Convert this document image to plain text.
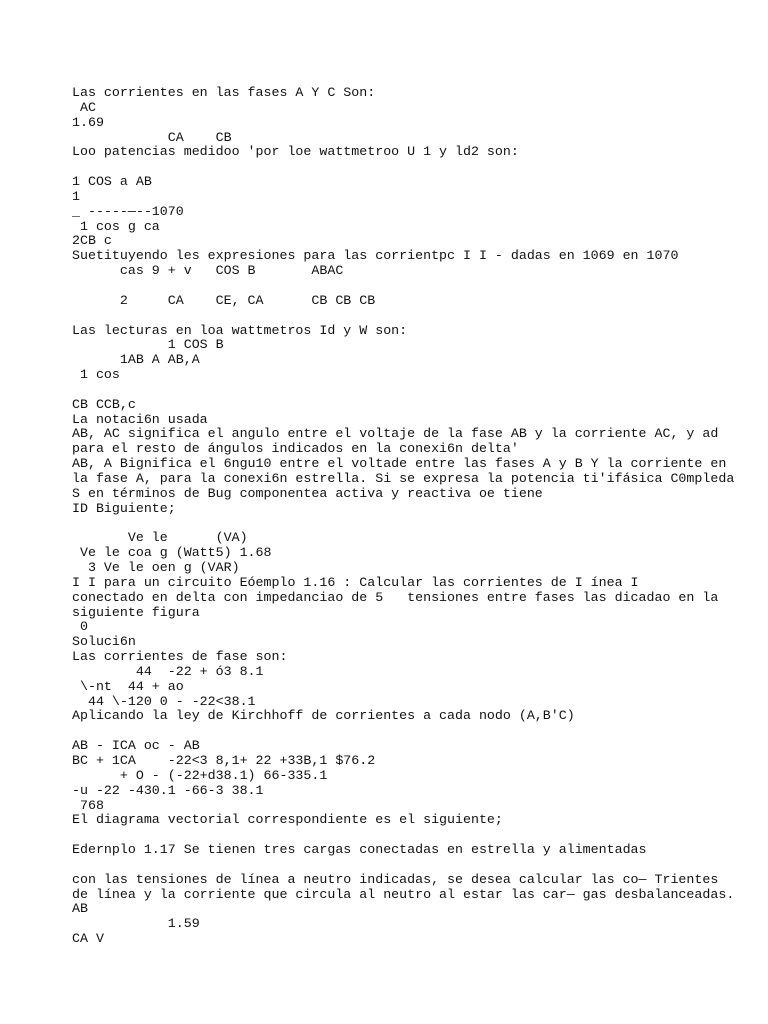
Las corrientes en las fases A Y C Son:
AC
1.69
CA    CB
Loo patencias medidoo 'por loe wattmetroo U 1 y ld2 son:
1 COS a AB
1
_ -----—--1070
1 cos g ca
2CB c
Suetituyendo les expresiones para las corrientpc I I - dadas en 1069 en 1070
cas 9 + v   COS B       ABAC
2     CA    CE, CA      CB CB CB
Las lecturas en loa wattmetros Id y W son:
1 COS B
1AB A AB,A
1 cos
CB CCB,c
La notaci6n usada
AB, AC significa el angulo entre el voltaje de la fase AB y la corriente AC, y ad
para el resto de ángulos indicados en la conexi6n delta'
AB, A Bignifica el 6ngu10 entre el voltade entre las fases A y B Y la corriente en
la fase A, para la conexi6n estrella. Si se expresa la potencia ti'ifásica C0mpleda
S en términos de Bug componentea activa y reactiva oe tiene
ID Biguiente;
Ve le      (VA)
Ve le coa g (Watt5) 1.68
3 Ve le oen g (VAR)
I I para un circuito Eóemplo 1.16 : Calcular las corrientes de I ínea I
conectado en delta con impedanciao de 5   tensiones entre fases las dicadao en la
siguiente figura
0
Soluci6n
Las corrientes de fase son:
44  -22 + ó3 8.1
\-nt  44 + ao
44 \-120 0 - -22<38.1
Aplicando la ley de Kirchhoff de corrientes a cada nodo (A,B'C)
AB - ICA oc - AB
BC + 1CA    -22<3 8,1+ 22 +33B,1 $76.2
+ O - (-22+d38.1) 66-335.1
-u -22 -430.1 -66-3 38.1
768
El diagrama vectorial correspondiente es el siguiente;
Edernplo 1.17 Se tienen tres cargas conectadas en estrella y alimentadas
con las tensiones de línea a neutro indicadas, se desea calcular las co— Trientes
de línea y la corriente que circula al neutro al estar las car— gas desbalanceadas.
AB
1.59
CA V
